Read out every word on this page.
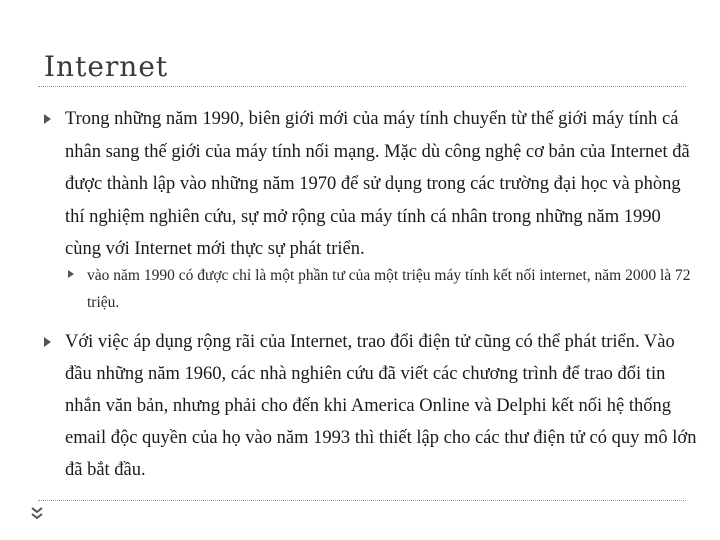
Internet

Trong những năm 1990, biên giới mới của máy tính chuyển từ thế giới máy tính cá nhân sang thế giới của máy tính nối mạng. Mặc dù công nghệ cơ bản của Internet đã được thành lập vào những năm 1970 để sử dụng trong các trường đại học và phòng thí nghiệm nghiên cứu, sự mở rộng của máy tính cá nhân trong những năm 1990 cùng với Internet mới thực sự phát triển.

vào năm 1990 có được chỉ là một phần tư của một triệu máy tính kết nối internet, năm 2000 là 72 triệu.

Với việc áp dụng rộng rãi của Internet, trao đổi điện tử cũng có thể phát triển. Vào đầu những năm 1960, các nhà nghiên cứu đã viết các chương trình để trao đổi tin nhắn văn bản, nhưng phải cho đến khi America Online và Delphi kết nối hệ thống email độc quyền của họ vào năm 1993 thì thiết lập cho các thư điện tử có quy mô lớn đã bắt đầu.
